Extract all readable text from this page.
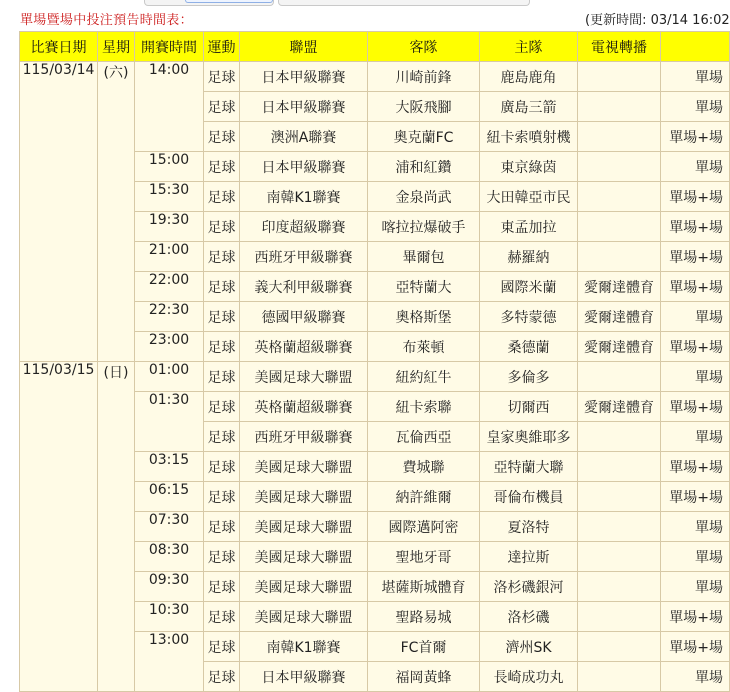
單場暨場中投注預告時間表：	(更新時間: 03/14 16:02
比賽日期	星期	開賽時間	運動	聯盟	客隊	主隊	電視轉播	
115/03/14	(六)	14:00	足球	日本甲級聯賽	川崎前鋒	鹿島鹿角		單場
			足球	日本甲級聯賽	大阪飛腳	廣島三箭		單場
			足球	澳洲A聯賽	奧克蘭FC	紐卡索噴射機		單場+場
		15:00	足球	日本甲級聯賽	浦和紅鑽	東京綠茵		單場
		15:30	足球	南韓K1聯賽	金泉尚武	大田韓亞市民		單場+場
		19:30	足球	印度超級聯賽	喀拉拉爆破手	東孟加拉		單場+場
		21:00	足球	西班牙甲級聯賽	畢爾包	赫羅納		單場+場
		22:00	足球	義大利甲級聯賽	亞特蘭大	國際米蘭	愛爾達體育	單場+場
		22:30	足球	德國甲級聯賽	奧格斯堡	多特蒙德	愛爾達體育	單場
		23:00	足球	英格蘭超級聯賽	布萊頓	桑德蘭	愛爾達體育	單場+場
115/03/15	(日)	01:00	足球	美國足球大聯盟	紐約紅牛	多倫多		單場
		01:30	足球	英格蘭超級聯賽	紐卡索聯	切爾西	愛爾達體育	單場+場
			足球	西班牙甲級聯賽	瓦倫西亞	皇家奧維耶多		單場
		03:15	足球	美國足球大聯盟	費城聯	亞特蘭大聯		單場+場
		06:15	足球	美國足球大聯盟	納許維爾	哥倫布機員		單場+場
		07:30	足球	美國足球大聯盟	國際邁阿密	夏洛特		單場
		08:30	足球	美國足球大聯盟	聖地牙哥	達拉斯		單場
		09:30	足球	美國足球大聯盟	堪薩斯城體育	洛杉磯銀河		單場
		10:30	足球	美國足球大聯盟	聖路易城	洛杉磯		單場+場
		13:00	足球	南韓K1聯賽	FC首爾	濟州SK		單場+場
			足球	日本甲級聯賽	福岡黃蜂	長崎成功丸		單場
